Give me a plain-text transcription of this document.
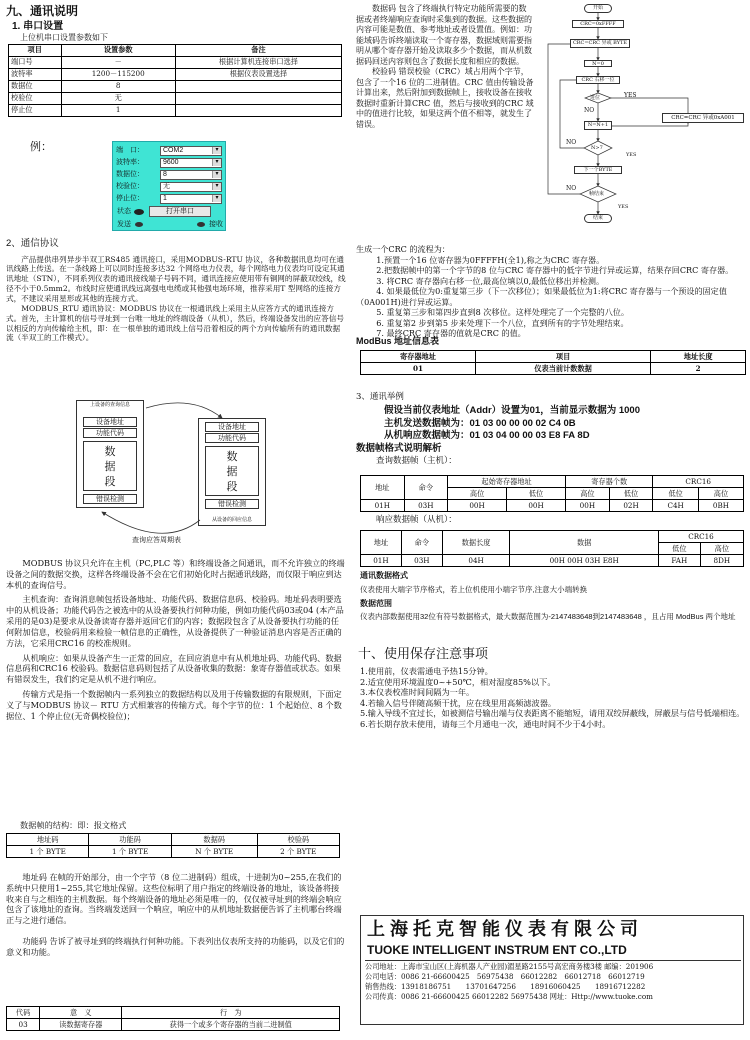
九、通讯说明
1. 串口设置
上位机串口设置参数如下
项目	设置参数	备注
端口号	－	根据计算机连接串口选择
波特率	1200－115200	根据仪表设置选择
数据位	8	
校验位	无	
停止位	1	
例：	端　口：	COM2	▾
波特率：	9600	▾
数据位：	8	▾
校验位：	无	▾
停止位：	1	▾
状态	打开串口
发送	接收
2、通信协议

产品提供串列异步半双工RS485 通讯接口，采用MODBUS-RTU 协议，各种数据讯息均可在通讯线路上传送。在一条线路上可以同时连接多达32 个网络电力仪表，每个网络电力仪表均可设定其通讯地址（STN），不同系列仪表的通讯接线端子号码不同，通讯连接应使用带有铜网的屏蔽双绞线，线径不小于0.5mm2。布线时应使通讯线远离强电电缆或其他强电场环境，推荐采用T 型网络的连接方式，不建议采用星形或其他的连接方式。

MODBUS_RTU 通讯协议：MODBUS 协议在一根通讯线上采用主从应答方式的通讯连接方式。首先，主计算机的信号寻址到一台唯一地址的终端设备（从机），然后，终端设备发出的应答信号以相反的方向传输给主机，即：在一根单独的通讯线上信号沿着相反的两个方向传输所有的通讯数据流（半双工的工作模式）。

上设备的查询信息
设备地址
功能代码
数
据
段
错误检测
设备地址
功能代码
数
据
段
错误检测
从设备的回应信息
查询应答周期表

MODBUS 协议只允许在主机（PC,PLC 等）和终端设备之间通讯，而不允许独立的终端设备之间的数据交换，这样各终端设备不会在它们初始化时占据通讯线路，而仅限于响应到达本机的查询信号。

主机查询：查询消息帧包括设备地址、功能代码、数据信息码、校验码。地址码表明要选中的从机设备；功能代码告之被选中的从设备要执行何种功能，例如功能代码03或04 (本产品采用的是03)是要求从设备读寄存器并返回它们的内容；数据段包含了从设备要执行功能的任何附加信息，校验码用来检验一帧信息的正确性，从设备提供了一种验证消息内容是否正确的方法，它采用CRC16 的校准规则。

从机响应：如果从设备产生一正常的回应，在回应消息中有从机地址码、功能代码、数据信息码和CRC16 校验码。数据信息码则包括了从设备收集的数据：象寄存器值或状态。如果有错误发生，我们约定是从机不进行响应。

传输方式是指一个数据帧内一系列独立的数据结构以及用于传输数据的有限规则，下面定义了与MODBUS 协议－ RTU 方式相兼容的传输方式。每个字节的位：1 个起始位、8 个数据位、1 个停止位(无奇偶校验位)；

数据帧的结构：即：报文格式
地址码	功能码	数据码	校验码
1 个 BYTE	1 个 BYTE	N 个 BYTE	2 个 BYTE

地址码 在帧的开始部分，由一个字节（8 位二进制码）组成，十进制为0~255,在我们的系统中只使用1~255,其它地址保留。这些位标明了用户指定的终端设备的地址，该设备将接收来自与之相连的主机数据。每个终端设备的地址必须是唯一的，仅仅被寻址到的终端会响应包含了该地址的查询。当终端发送回一个响应，响应中的从机地址数据便告诉了主机哪台终端正与之进行通信。

功能码 告诉了被寻址到的终端执行何种功能。下表列出仪表所支持的功能码，以及它们的意义和功能。

代码	意　义	行　为
03	读数据寄存器	获得一个或多个寄存器的当前二进制值

数据码 包含了终端执行特定功能所需要的数据或者终端响应查询时采集到的数据。这些数据的内容可能是数值、参考地址或者设置值。例如：功能域码告诉终端读取一个寄存器，数据域则需要指明从哪个寄存器开始及读取多少个数据，而从机数据码回送内容则包含了数据长度和相应的数据。

校验码 错误校验（CRC）域占用两个字节，包含了一个16 位的二进制值。CRC 值由传输设备计算出来，然后附加到数据帧上，接收设备在接收数据时重新计算CRC 值，然后与接收到的CRC 域中的值进行比较，如果这两个值不相等，就发生了错误。

开始
CRC=0xFFFF
CRC=CRC 异或 BYTE
N=0
CRC 右移一位
进位	YES
CRC=CRC 异或0xA001
NO
N=N+1
N>7
NO
YES
下一个BYTE
帧结束
NO
YES
结束
生成一个CRC 的流程为：
1.预置一个16 位寄存器为0FFFFH(全1),称之为CRC 寄存器。
2.把数据帧中的第一个字节的8 位与CRC 寄存器中的低字节进行异或运算，结果存回CRC 寄存器。
3. 将CRC 寄存器向右移一位,最高位填以0,最低位移出并检测。
4. 如果最低位为0:重复第三步（下一次移位）；如果最低位为1:将CRC 寄存器与一个预设的固定值（0A001H)进行异或运算。
5. 重复第三步和第四步直到8 次移位。这样处理完了一个完整的八位。
6. 重复第2 步到第5 步来处理下一个八位，直到所有的字节处理结束。
7. 最终CRC 寄存器的值就是CRC 的值。
ModBus 地址信息表
寄存器地址	项目	地址长度
01	仪表当前计数数据	2
3、通讯举例
假设当前仪表地址（Addr）设置为01，当前显示数据为 1000
主机发送数据帧为：01 03 00 00 00 02 C4 0B
从机响应数据帧为：01 03 04 00 00 03 E8 FA 8D
数据帧格式说明解析
查询数据帧（主机）：
地址	命令	起始寄存器地址		寄存器个数		CRC16	
		高位	低位	高位	低位	低位	高位
01H	03H	00H	00H	00H	02H	C4H	0BH
响应数据帧（从机）：
地址	命令	数据长度	数据	CRC16	
				低位	高位
01H	03H	04H	00H 00H 03H E8H	FAH	8DH
通讯数据格式
仪表使用大端字节序格式，若上位机使用小端字节序,注意大小端转换
数据范围
仪表内部数据使用32位有符号数据格式，最大数据范围为-2147483648到2147483648 ，且占用 ModBus 两个地址
十、使用保存注意事项
1.使用前，仪表需通电予热15分钟。
2.适宜使用环境温度0~+50℃，相对湿度85%以下。
3.本仪表校准时间间隔为一年。
4.若输入信号伴随高频干扰，应在线里用高频滤波器。
5.输入导线不宜过长，如被测信号输出端与仪表距离不能缩短，请用双绞屏蔽线，屏蔽层与信号低端相连。
6.若长期存放未使用，请每三个月通电一次，通电时间不少于4小时。
上海托克智能仪表有限公司
TUOKE INTELLIGENT INSTRUM ENT CO.,LTD
公司地址：上海市宝山区(上海机器人产业园)湄星路2155号高宏商务楼3楼 邮编：201906
公司电话：0086 21-66600425　56975438　66012282　66012718　66012719
销售热线：13918186751　　13701647256　　18916060425　　18916712282
公司传真：0086 21-66600425 66012282 56975438 网址：Http://www.tuoke.com
